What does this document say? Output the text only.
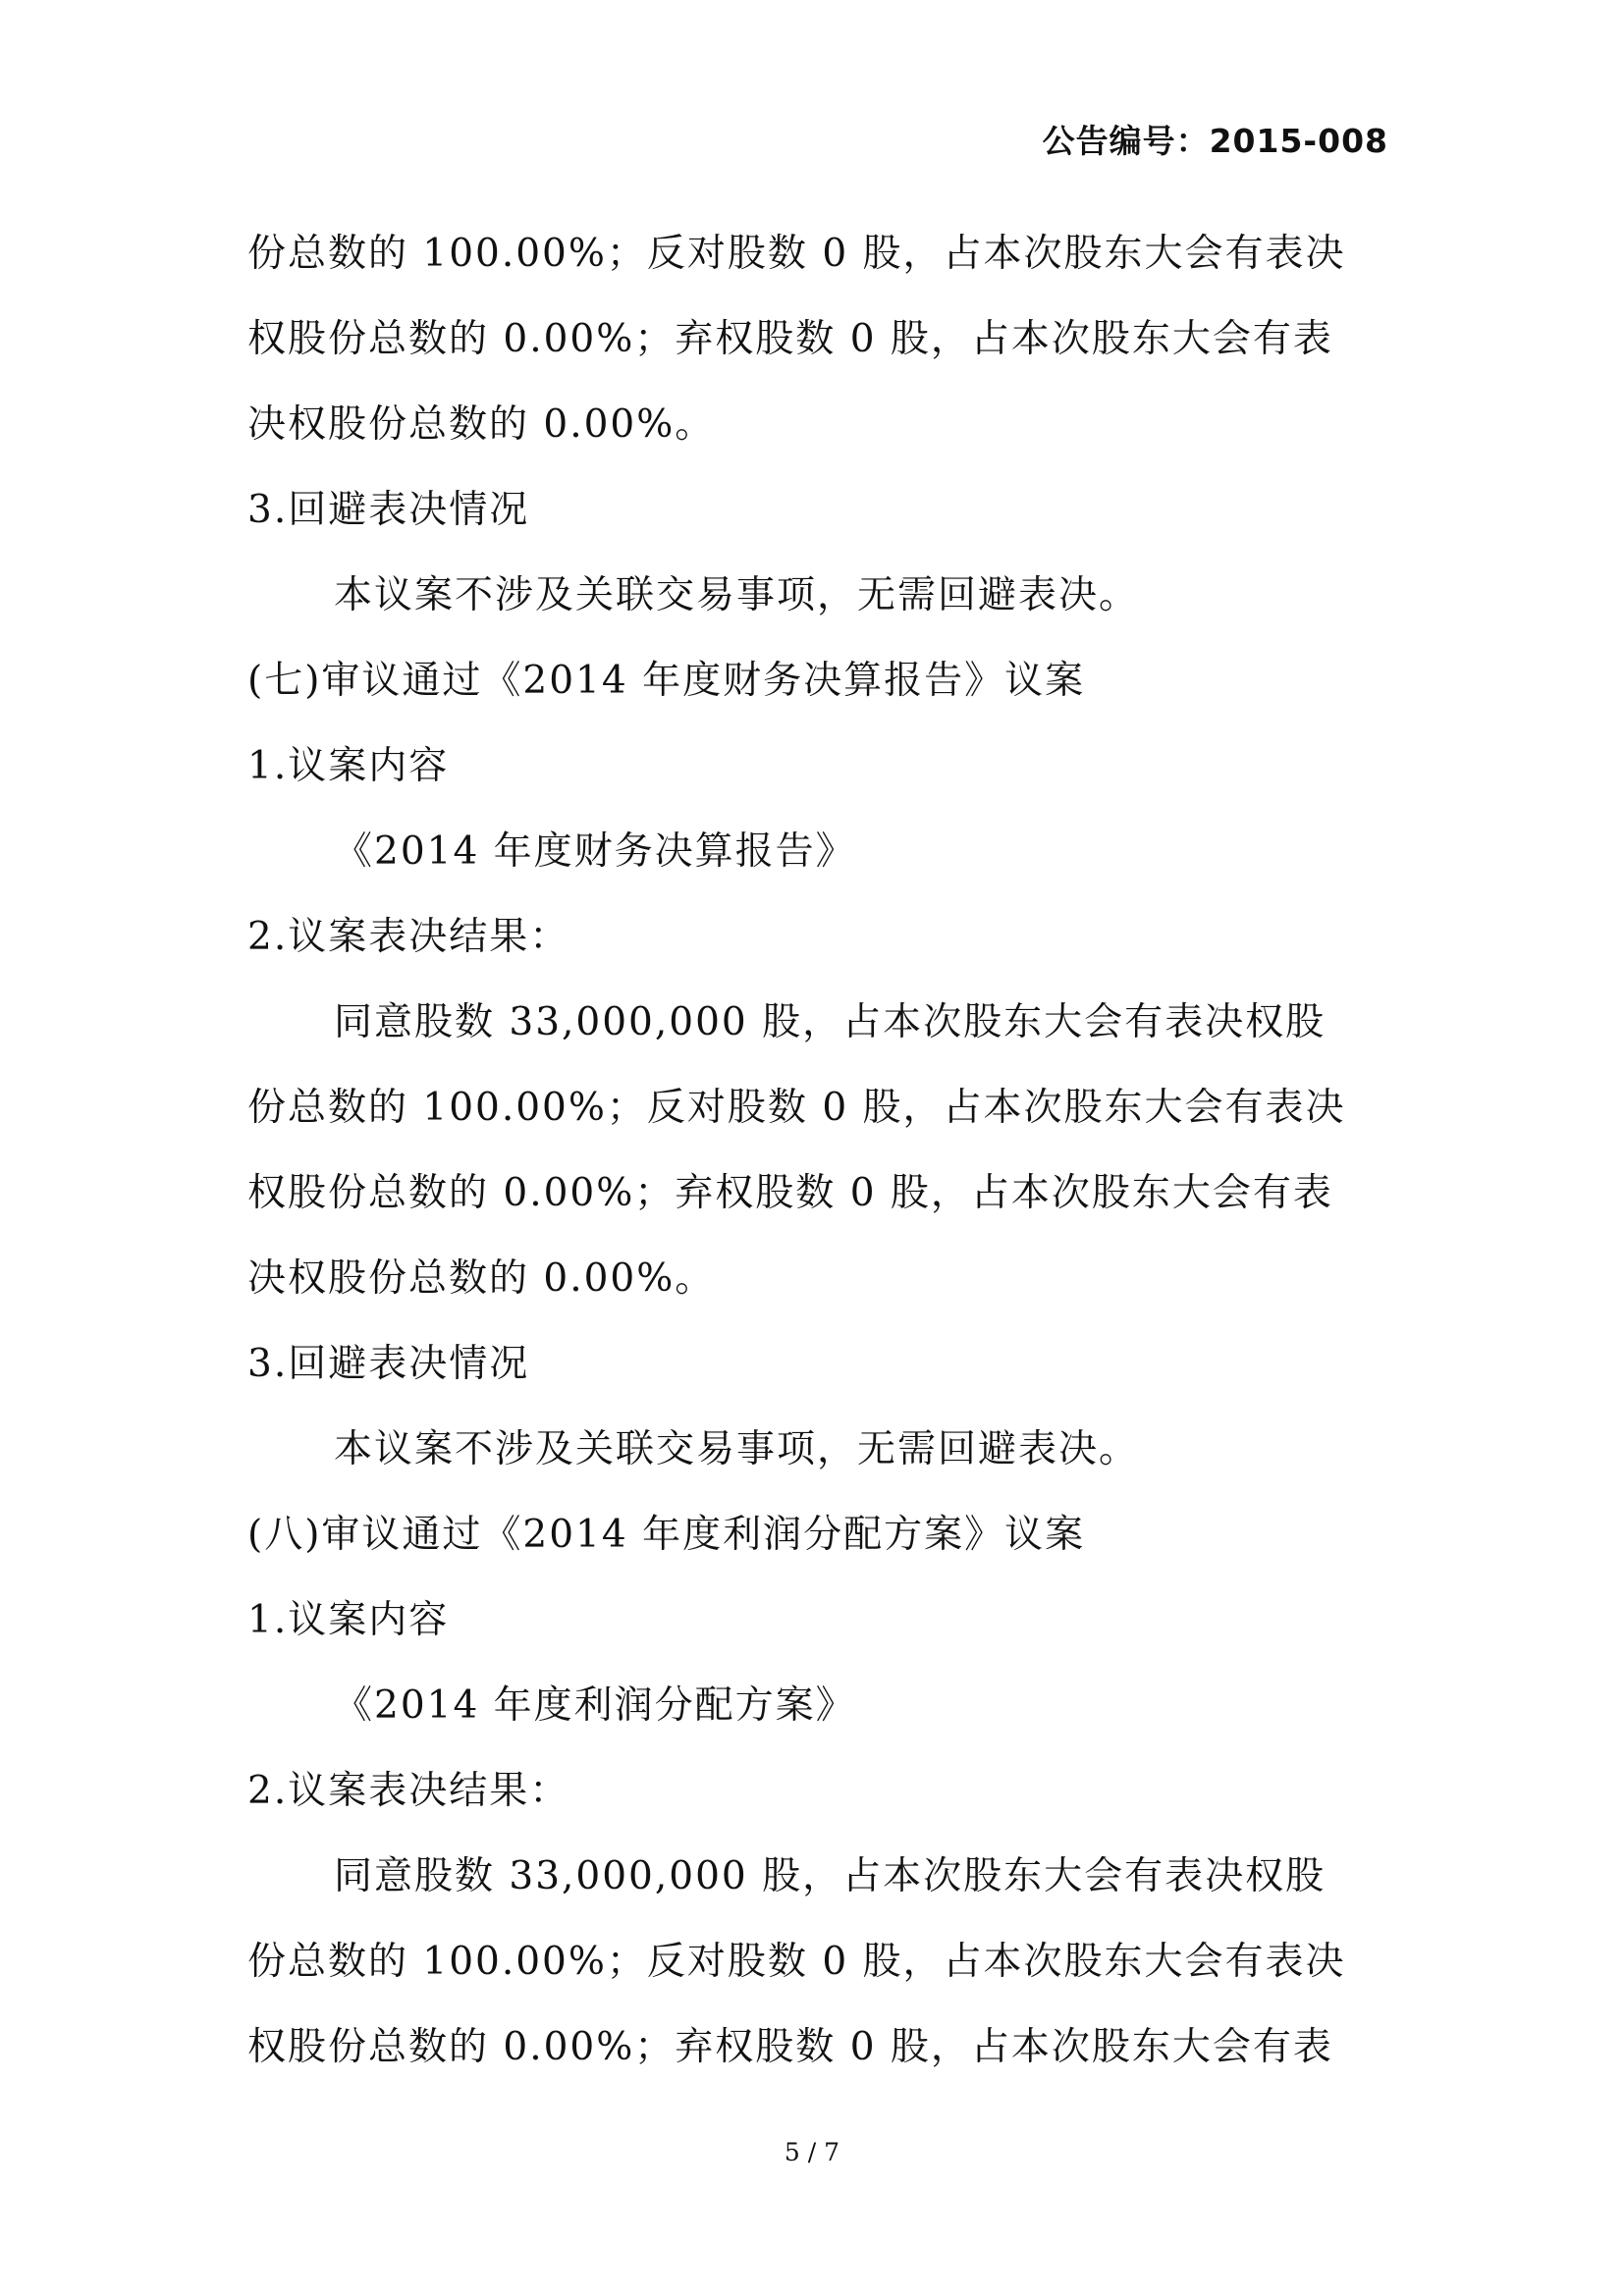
公告编号：2015-008
份总数的 100.00%；反对股数 0 股，占本次股东大会有表决
权股份总数的 0.00%；弃权股数 0 股，占本次股东大会有表
决权股份总数的 0.00%。
3.回避表决情况
本议案不涉及关联交易事项，无需回避表决。
(七)审议通过《2014 年度财务决算报告》议案
1.议案内容
《2014 年度财务决算报告》
2.议案表决结果：
同意股数 33,000,000 股，占本次股东大会有表决权股
份总数的 100.00%；反对股数 0 股，占本次股东大会有表决
权股份总数的 0.00%；弃权股数 0 股，占本次股东大会有表
决权股份总数的 0.00%。
3.回避表决情况
本议案不涉及关联交易事项，无需回避表决。
(八)审议通过《2014 年度利润分配方案》议案
1.议案内容
《2014 年度利润分配方案》
2.议案表决结果：
同意股数 33,000,000 股，占本次股东大会有表决权股
份总数的 100.00%；反对股数 0 股，占本次股东大会有表决
权股份总数的 0.00%；弃权股数 0 股，占本次股东大会有表
5 / 7
